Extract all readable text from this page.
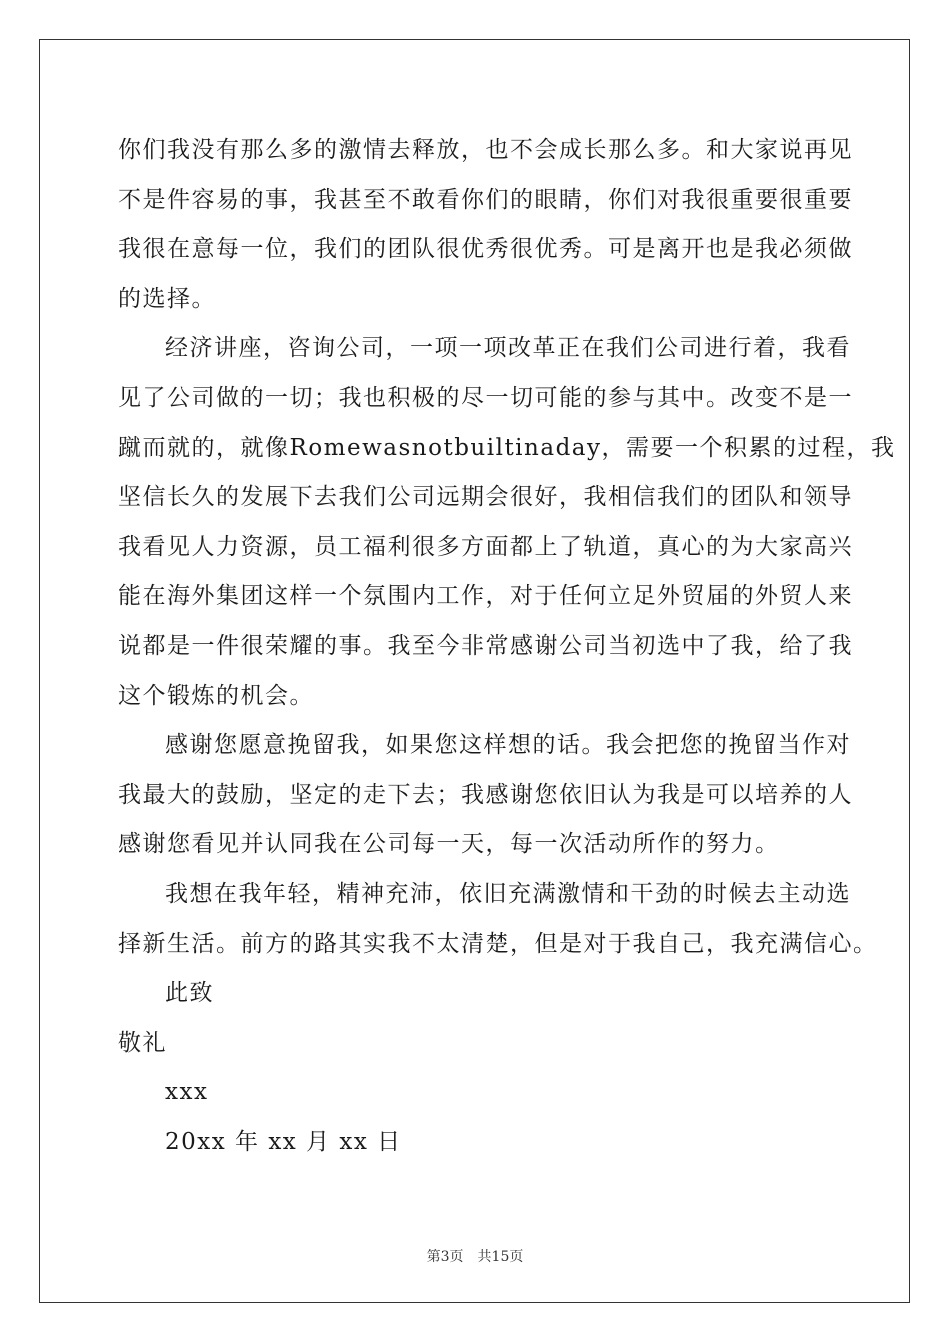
你们我没有那么多的激情去释放，也不会成长那么多。和大家说再见
不是件容易的事，我甚至不敢看你们的眼睛，你们对我很重要很重要
我很在意每一位，我们的团队很优秀很优秀。可是离开也是我必须做
的选择。
经济讲座，咨询公司，一项一项改革正在我们公司进行着，我看
见了公司做的一切；我也积极的尽一切可能的参与其中。改变不是一
蹴而就的，就像Romewasnotbuiltinaday，需要一个积累的过程，我
坚信长久的发展下去我们公司远期会很好，我相信我们的团队和领导
我看见人力资源，员工福利很多方面都上了轨道，真心的为大家高兴
能在海外集团这样一个氛围内工作，对于任何立足外贸届的外贸人来
说都是一件很荣耀的事。我至今非常感谢公司当初选中了我，给了我
这个锻炼的机会。
感谢您愿意挽留我，如果您这样想的话。我会把您的挽留当作对
我最大的鼓励，坚定的走下去；我感谢您依旧认为我是可以培养的人
感谢您看见并认同我在公司每一天，每一次活动所作的努力。
我想在我年轻，精神充沛，依旧充满激情和干劲的时候去主动选
择新生活。前方的路其实我不太清楚，但是对于我自己，我充满信心。
此致
敬礼
xxx
20xx 年 xx 月 xx 日
第3页 共15页
